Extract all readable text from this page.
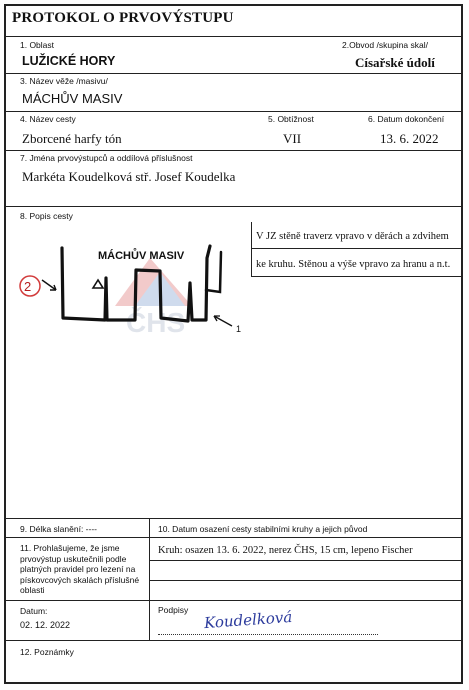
PROTOKOL O PRVOVÝSTUPU
1. Oblast
LUŽICKÉ HORY
2.Obvod /skupina skal/
Císařské údolí
3. Název věže /masivu/
MÁCHŮV MASIV
4. Název cesty
Zborcené harfy tón
5. Obtížnost
VII
6. Datum dokončení
13. 6. 2022
7. Jména prvovýstupců a oddílová příslušnost
Markéta Koudelková stř. Josef Koudelka
8. Popis cesty
V JZ stěně traverz vpravo v děrách a zdvihem
ke kruhu. Stěnou a výše vpravo za hranu a n.t.
ČHS
MÁCHŮV MASIV
2
1
9. Délka slanění: ----	10. Datum osazení cesty stabilními kruhy a jejich původ
11. Prohlašujeme, že jsme prvovýstup uskutečnili podle platných pravidel pro lezení na pískovcových skalách příslušné oblasti
Kruh: osazen 13. 6. 2022, nerez ČHS, 15 cm, lepeno Fischer
Datum:
02. 12. 2022
Podpisy Koudelková
12. Poznámky
